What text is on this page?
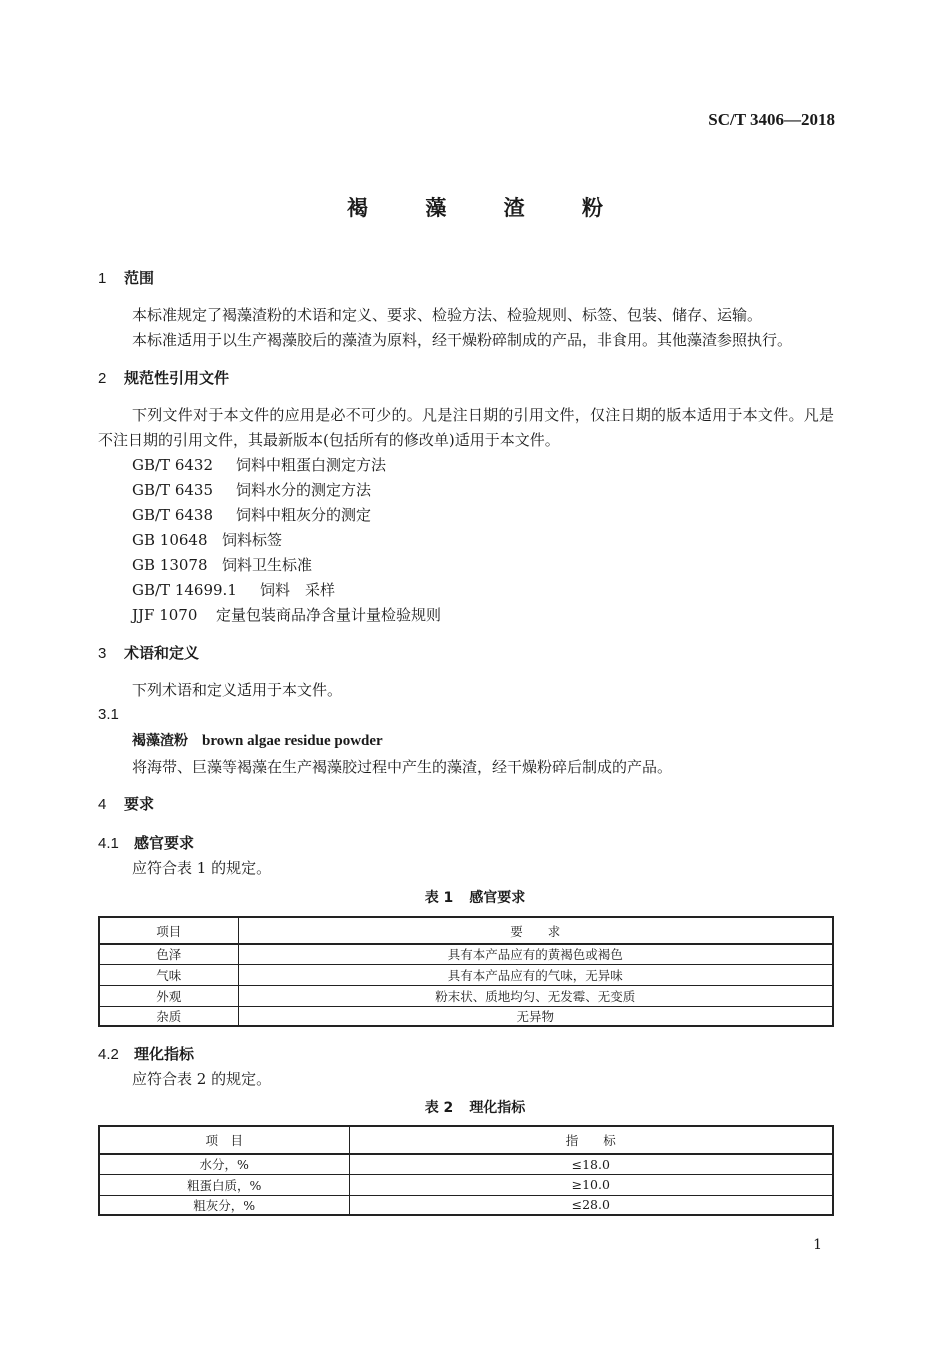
SC/T 3406—2018
褐 藻 渣 粉
1 范围
本标准规定了褐藻渣粉的术语和定义、要求、检验方法、检验规则、标签、包装、储存、运输。
本标准适用于以生产褐藻胶后的藻渣为原料，经干燥粉碎制成的产品，非食用。其他藻渣参照执行。
2 规范性引用文件
下列文件对于本文件的应用是必不可少的。凡是注日期的引用文件，仅注日期的版本适用于本文件。凡是不注日期的引用文件，其最新版本(包括所有的修改单)适用于本文件。
GB/T 6432 饲料中粗蛋白测定方法
GB/T 6435 饲料水分的测定方法
GB/T 6438 饲料中粗灰分的测定
GB 10648 饲料标签
GB 13078 饲料卫生标准
GB/T 14699.1 饲料　采样
JJF 1070 定量包装商品净含量计量检验规则
3 术语和定义
下列术语和定义适用于本文件。
3.1
褐藻渣粉 brown algae residue powder
将海带、巨藻等褐藻在生产褐藻胶过程中产生的藻渣，经干燥粉碎后制成的产品。
4 要求
4.1 感官要求
应符合表 1 的规定。
表 1 感官要求
项目	要　　求
色泽	具有本产品应有的黄褐色或褐色
气味	具有本产品应有的气味，无异味
外观	粉末状、质地均匀、无发霉、无变质
杂质	无异物
4.2 理化指标
应符合表 2 的规定。
表 2 理化指标
项　目	指　　标
水分，%	≤18.0
粗蛋白质，%	≥10.0
粗灰分，%	≤28.0
1
